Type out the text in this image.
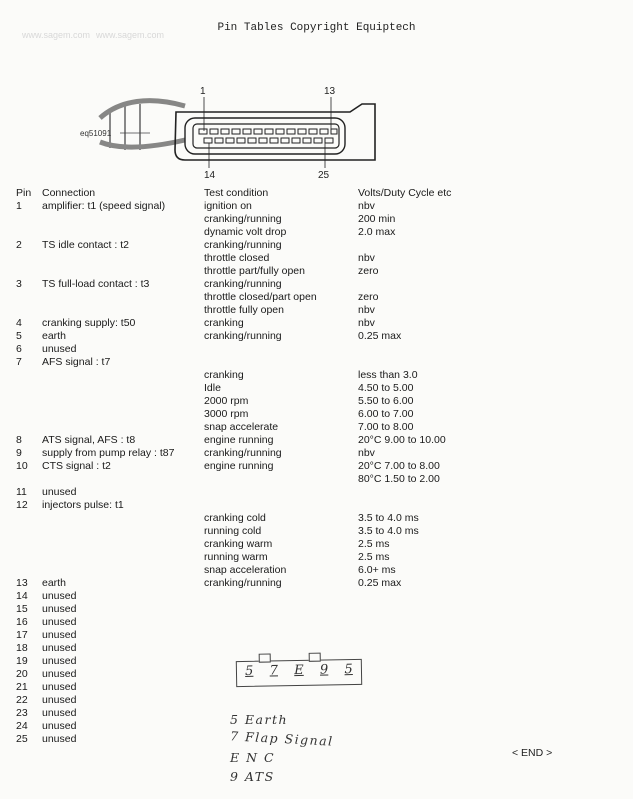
www.sagem.com www.sagem.com
Pin Tables Copyright Equiptech
1	13
14	25
eq51091
Pin	Connection	Test condition	Volts/Duty Cycle etc
1	amplifier: t1 (speed signal)	ignition on	nbv
		cranking/running	200 min
		dynamic volt drop	2.0 max

2	TS idle contact : t2	cranking/running	
		throttle closed	nbv
		throttle part/fully open	zero

3	TS full-load contact : t3	cranking/running	
		throttle closed/part open	zero
		throttle fully open	nbv

4	cranking supply: t50	cranking	nbv
5	earth	cranking/running	0.25 max
6	unused		
7	AFS signal : t7		
		cranking	less than 3.0
		Idle	4.50 to 5.00
		2000 rpm	5.50 to 6.00
		3000 rpm	6.00 to 7.00
		snap accelerate	7.00 to 8.00
8	ATS signal, AFS : t8	engine running	20°C 9.00 to 10.00
9	supply from pump relay : t87	cranking/running	nbv
10	CTS signal : t2	engine running	20°C 7.00 to 8.00
			80°C 1.50 to 2.00

11	unused		
12	injectors pulse: t1		
		cranking cold	3.5 to 4.0 ms
		running cold	3.5 to 4.0 ms
		cranking warm	2.5 ms
		running warm	2.5 ms
		snap acceleration	6.0+ ms

13	earth	cranking/running	0.25 max
14	unused		
15	unused		
16	unused		
17	unused		
18	unused		
19	unused		
20	unused		
21	unused		
22	unused		
23	unused		
24	unused		
25	unused		
5 7 E 9 5
5 Earth
7 Flap Signal
E N C
9 ATS
< END >
